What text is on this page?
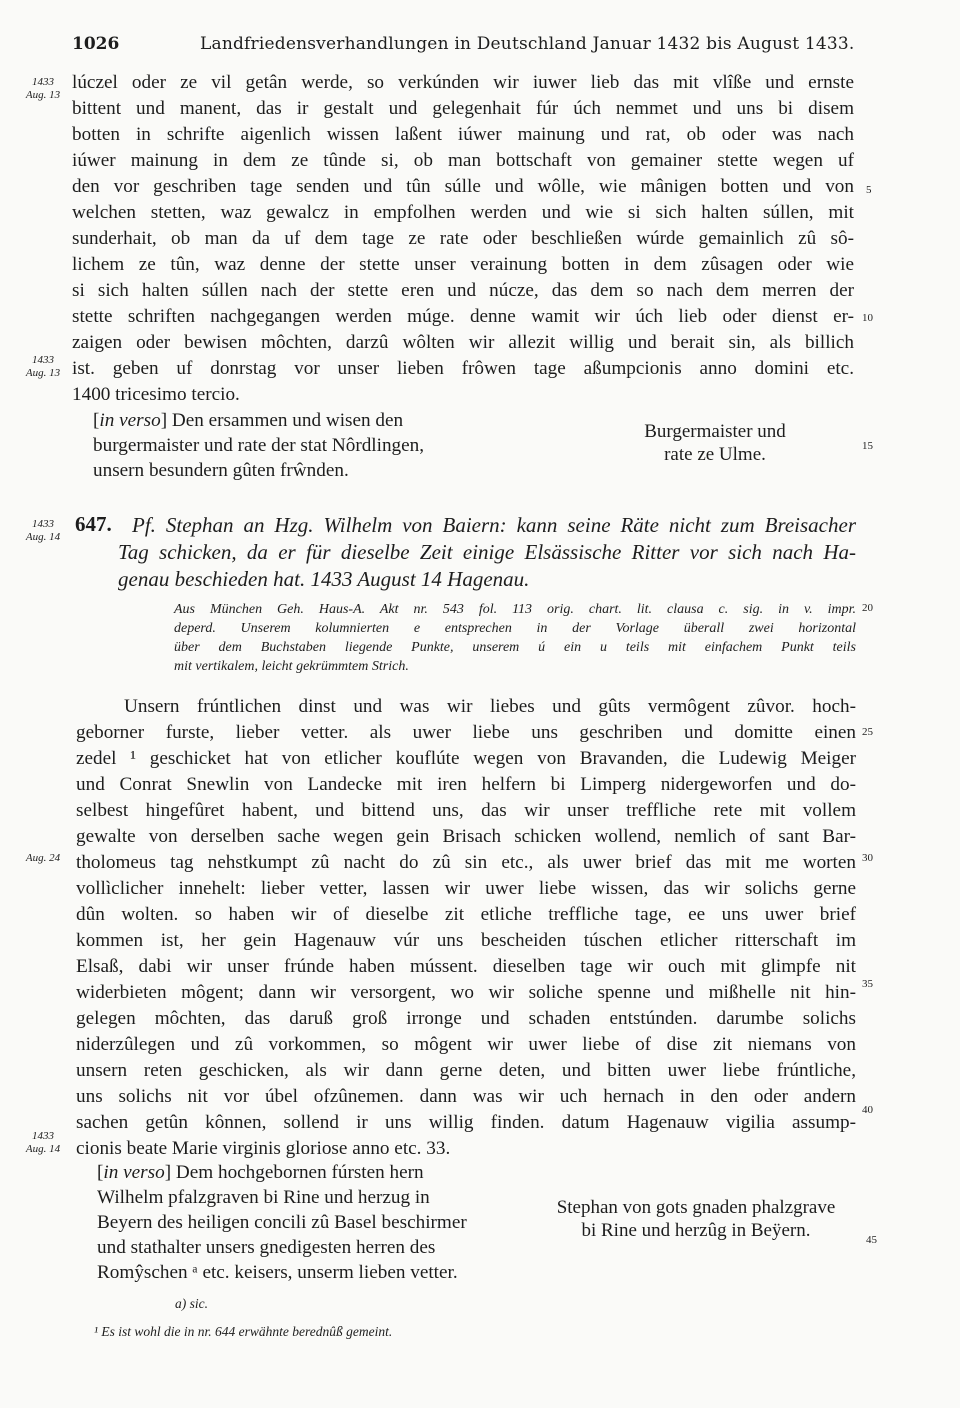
1026	Landfriedensverhandlungen in Deutschland Januar 1432 bis August 1433.
lúczel oder ze vil getân werde, so verkúnden wir iuwer lieb das mit vlîße und ernste
bittent und manent, das ir gestalt und gelegenhait fúr úch nemmet und uns bi disem
botten in schrifte aigenlich wissen laßent iúwer mainung und rat, ob oder was nach
iúwer mainung in dem ze tûnde si, ob man bottschaft von gemainer stette wegen uf
den vor geschriben tage senden und tûn súlle und wôlle, wie mânigen botten und von
welchen stetten, waz gewalcz in empfolhen werden und wie si sich halten súllen, mit
sunderhait, ob man da uf dem tage ze rate oder beschließen wúrde gemainlich zû sô-
lichem ze tûn, waz denne der stette unser verainung botten in dem zûsagen oder wie
si sich halten súllen nach der stette eren und núcze, das dem so nach dem merren der
stette schriften nachgegangen werden múge. denne wamit wir úch lieb oder dienst er-
zaigen oder bewisen môchten, darzû wôlten wir allezit willig und berait sin, als billich
ist. geben uf donrstag vor unser lieben frôwen tage aßumpcionis anno domini etc.
1400 tricesimo tercio.
[in verso] Den ersammen und wisen den
burgermaister und rate der stat Nôrdlingen,
unsern besundern gûten frŵnden.
Burgermaister und
rate ze Ulme.
1433
Aug. 13
1433
Aug. 13
1433
Aug. 14
Aug. 24
1433
Aug. 14
5
10
15
20
25
30
35
40
45
647. Pf. Stephan an Hzg. Wilhelm von Baiern: kann seine Räte nicht zum Breisacher
Tag schicken, da er für dieselbe Zeit einige Elsässische Ritter vor sich nach Ha-
genau beschieden hat. 1433 August 14 Hagenau.
Aus München Geh. Haus-A. Akt nr. 543 fol. 113 orig. chart. lit. clausa c. sig. in v. impr.
deperd. Unserem kolumnierten e entsprechen in der Vorlage überall zwei horizontal
über dem Buchstaben liegende Punkte, unserem ú ein u teils mit einfachem Punkt teils
mit vertikalem, leicht gekrümmtem Strich.
Unsern frúntlichen dinst und was wir liebes und gûts vermôgent zûvor. hoch-
geborner furste, lieber vetter. als uwer liebe uns geschriben und domitte einen
zedel ¹ geschicket hat von etlicher kouflúte wegen von Bravanden, die Ludewig Meiger
und Conrat Snewlin von Landecke mit iren helfern bi Limperg nidergeworfen und do-
selbest hingefûret habent, und bittend uns, das wir unser treffliche rete mit vollem
gewalte von derselben sache wegen gein Brisach schicken wollend, nemlich of sant Bar-
tholomeus tag nehstkumpt zû nacht do zû sin etc., als uwer brief das mit me worten
vollìclicher innehelt: lieber vetter, lassen wir uwer liebe wissen, das wir solichs gerne
dûn wolten. so haben wir of dieselbe zit etliche treffliche tage, ee uns uwer brief
kommen ist, her gein Hagenauw vúr uns bescheiden túschen etlicher ritterschaft im
Elsaß, dabi wir unser frúnde haben mússent. dieselben tage wir ouch mit glimpfe nit
widerbieten môgent; dann wir versorgent, wo wir soliche spenne und mißhelle nit hin-
gelegen môchten, das daruß groß irronge und schaden entstúnden. darumbe solichs
niderzûlegen und zû vorkommen, so môgent wir uwer liebe of dise zit niemans von
unsern reten geschicken, als wir dann gerne deten, und bitten uwer liebe frúntliche,
uns solichs nit vor úbel ofzûnemen. dann was wir uch hernach in den oder andern
sachen getûn kônnen, sollend ir uns willig finden. datum Hagenauw vigilia assump-
cionis beate Marie virginis gloriose anno etc. 33.
[in verso] Dem hochgebornen fúrsten hern
Wilhelm pfalzgraven bi Rine und herzug in
Beyern des heiligen concili zû Basel beschirmer
und stathalter unsers gnedigesten herren des
Romŷschen ᵃ etc. keisers, unserm lieben vetter.
Stephan von gots gnaden phalzgrave
bi Rine und herzûg in Beÿern.
a) sic.
¹ Es ist wohl die in nr. 644 erwähnte berednûß gemeint.
